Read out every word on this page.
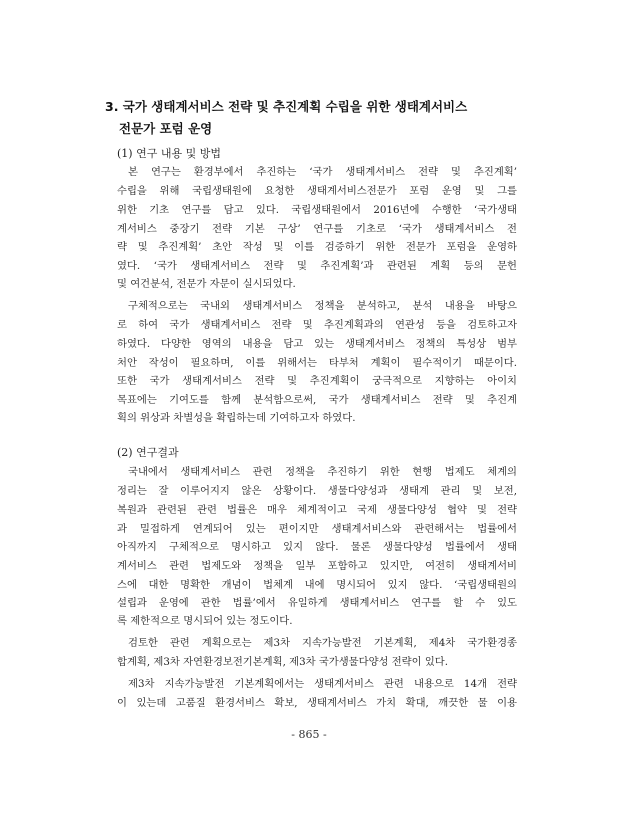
3. 국가 생태계서비스 전략 및 추진계획 수립을 위한 생태계서비스
전문가 포럼 운영
(1) 연구 내용 및 방법
본 연구는 환경부에서 추진하는 ‘국가 생태계서비스 전략 및 추진계획’
수립을 위해 국립생태원에 요청한 생태계서비스전문가 포럼 운영 및 그를
위한 기초 연구를 담고 있다. 국립생태원에서 2016년에 수행한 ‘국가생태
계서비스 중장기 전략 기본 구상’ 연구를 기초로 ‘국가 생태계서비스 전
략 및 추진계획’ 초안 작성 및 이를 검증하기 위한 전문가 포럼을 운영하
였다. ‘국가 생태계서비스 전략 및 추진계획’과 관련된 계획 등의 문헌
및 여건분석, 전문가 자문이 실시되었다.
구체적으로는 국내외 생태계서비스 정책을 분석하고, 분석 내용을 바탕으
로 하여 국가 생태계서비스 전략 및 추진계획과의 연관성 등을 검토하고자
하였다. 다양한 영역의 내용을 담고 있는 생태계서비스 정책의 특성상 범부
처안 작성이 필요하며, 이를 위해서는 타부처 계획이 필수적이기 때문이다.
또한 국가 생태계서비스 전략 및 추진계획이 궁극적으로 지향하는 아이치
목표에는 기여도를 함께 분석함으로써, 국가 생태계서비스 전략 및 추진계
획의 위상과 차별성을 확립하는데 기여하고자 하였다.
(2) 연구결과
국내에서 생태계서비스 관련 정책을 추진하기 위한 현행 법제도 체계의
정리는 잘 이루어지지 않은 상황이다. 생물다양성과 생태계 관리 및 보전,
복원과 관련된 관련 법률은 매우 체계적이고 국제 생물다양성 협약 및 전략
과 밀접하게 연계되어 있는 편이지만 생태계서비스와 관련해서는 법률에서
아직까지 구체적으로 명시하고 있지 않다. 물론 생물다양성 법률에서 생태
계서비스 관련 법제도와 정책을 일부 포함하고 있지만, 여전히 생태계서비
스에 대한 명확한 개념이 법체계 내에 명시되어 있지 않다. ‘국립생태원의
설립과 운영에 관한 법률’에서 유일하게 생태계서비스 연구를 할 수 있도
록 제한적으로 명시되어 있는 정도이다.
검토한 관련 계획으로는 제3차 지속가능발전 기본계획, 제4차 국가환경종
합계획, 제3차 자연환경보전기본계획, 제3차 국가생물다양성 전략이 있다.
제3차 지속가능발전 기본계획에서는 생태계서비스 관련 내용으로 14개 전략
이 있는데 고품질 환경서비스 확보, 생태계서비스 가치 확대, 깨끗한 물 이용
- 865 -
